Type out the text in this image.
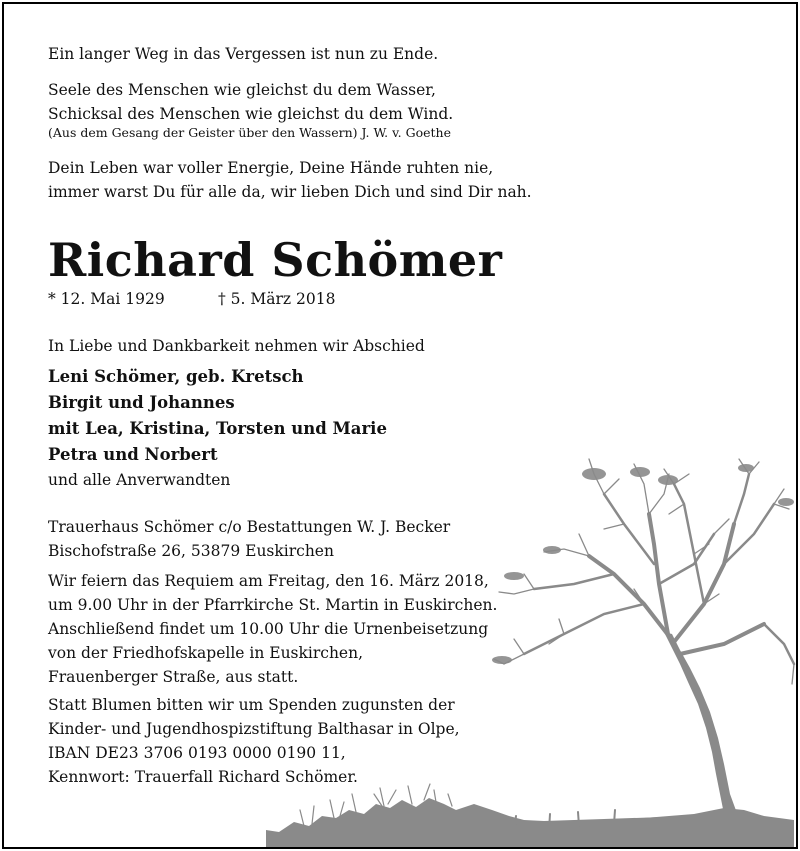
Ein langer Weg in das Vergessen ist nun zu Ende.
Seele des Menschen wie gleichst du dem Wasser,
Schicksal des Menschen wie gleichst du dem Wind.
(Aus dem Gesang der Geister über den Wassern) J. W. v. Goethe
Dein Leben war voller Energie, Deine Hände ruhten nie,
immer warst Du für alle da, wir lieben Dich und sind Dir nah.
Richard Schömer
* 12. Mai 1929	† 5. März 2018
In Liebe und Dankbarkeit nehmen wir Abschied
Leni Schömer, geb. Kretsch
Birgit und Johannes
mit Lea, Kristina, Torsten und Marie
Petra und Norbert
und alle Anverwandten
Trauerhaus Schömer c/o Bestattungen W. J. Becker
Bischofstraße 26, 53879 Euskirchen
Wir feiern das Requiem am Freitag, den 16. März 2018,
um 9.00 Uhr in der Pfarrkirche St. Martin in Euskirchen.
Anschließend findet um 10.00 Uhr die Urnenbeisetzung
von der Friedhofskapelle in Euskirchen,
Frauenberger Straße, aus statt.
Statt Blumen bitten wir um Spenden zugunsten der
Kinder- und Jugendhospizstiftung Balthasar in Olpe,
IBAN DE23 3706 0193 0000 0190 11,
Kennwort: Trauerfall Richard Schömer.
